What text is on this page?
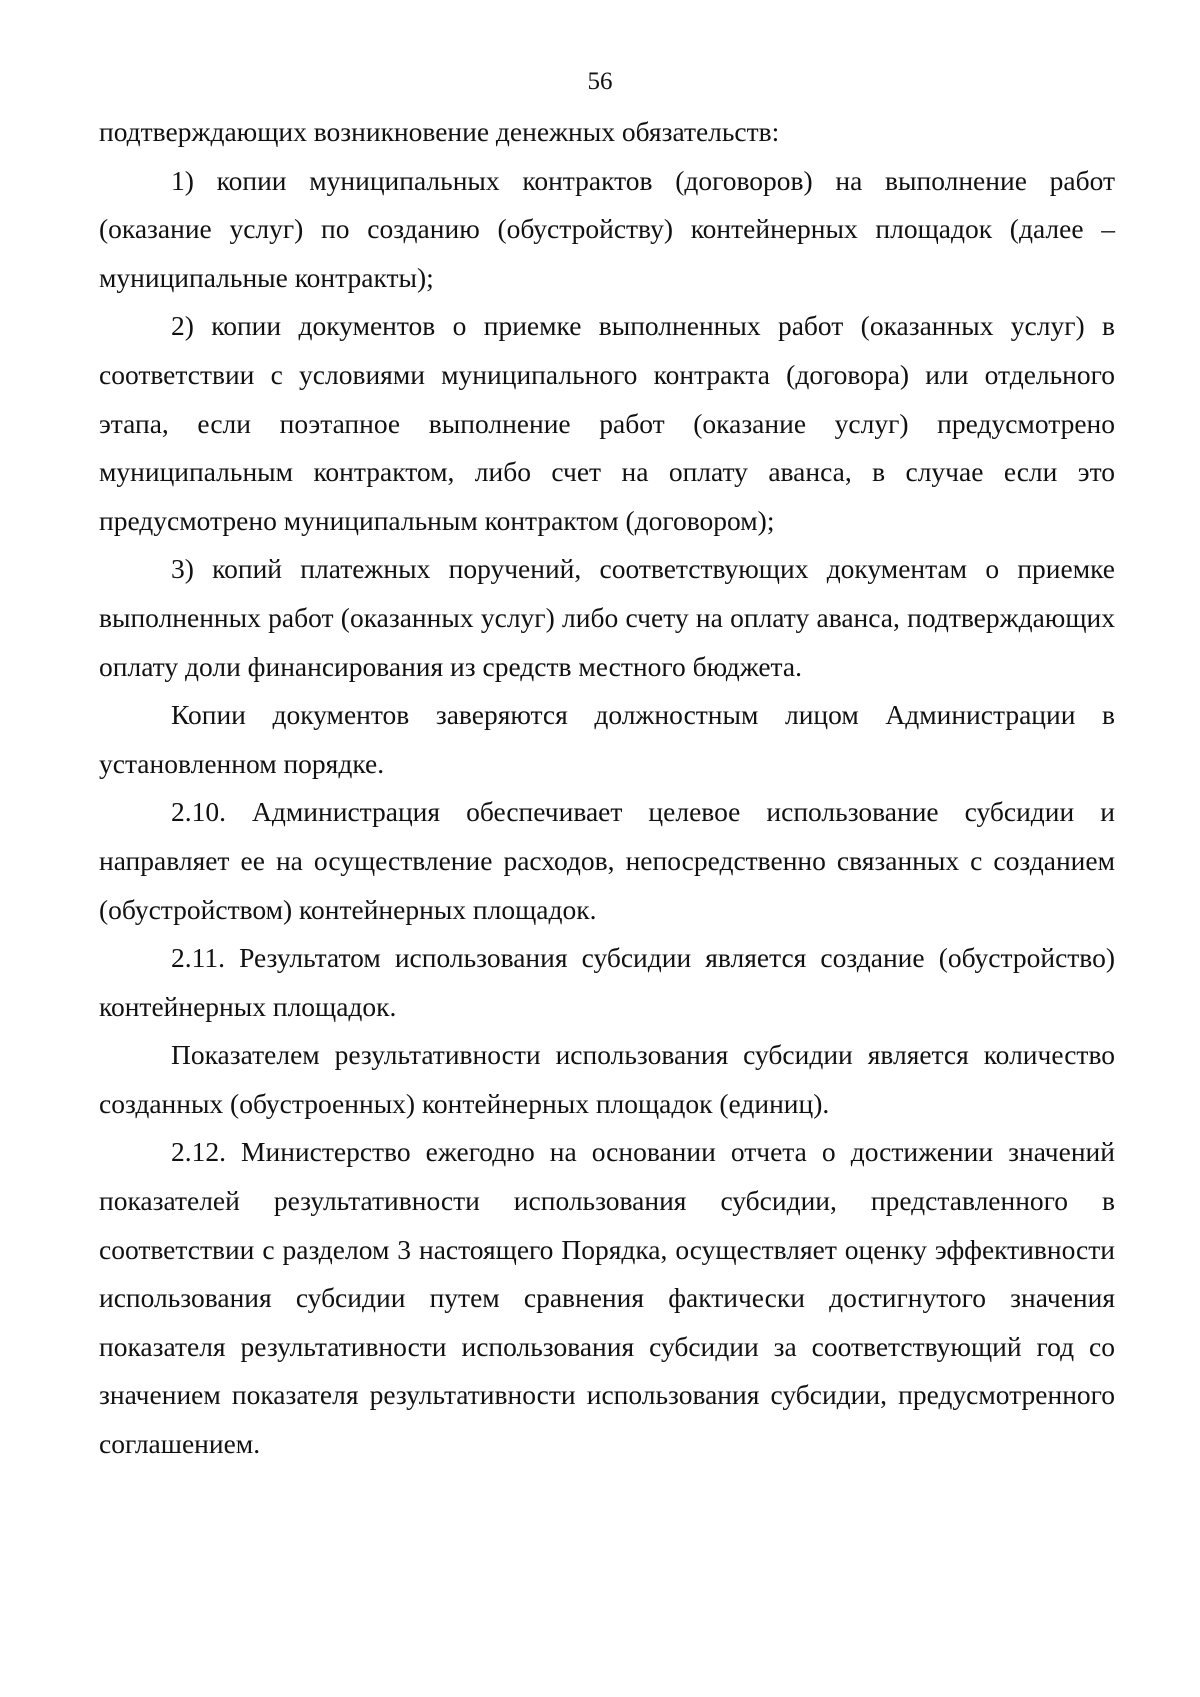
56

подтверждающих возникновение денежных обязательств:

1) копии муниципальных контрактов (договоров) на выполнение работ (оказание услуг) по созданию (обустройству) контейнерных площадок (далее – муниципальные контракты);

2) копии документов о приемке выполненных работ (оказанных услуг) в соответствии с условиями муниципального контракта (договора) или отдельного этапа, если поэтапное выполнение работ (оказание услуг) предусмотрено муниципальным контрактом, либо счет на оплату аванса, в случае если это предусмотрено муниципальным контрактом (договором);

3) копий платежных поручений, соответствующих документам о приемке выполненных работ (оказанных услуг) либо счету на оплату аванса, подтверждающих оплату доли финансирования из средств местного бюджета.

Копии документов заверяются должностным лицом Администрации в установленном порядке.

2.10. Администрация обеспечивает целевое использование субсидии и направляет ее на осуществление расходов, непосредственно связанных с созданием (обустройством) контейнерных площадок.

2.11. Результатом использования субсидии является создание (обустройство) контейнерных площадок.

Показателем результативности использования субсидии является количество созданных (обустроенных) контейнерных площадок (единиц).

2.12. Министерство ежегодно на основании отчета о достижении значений показателей результативности использования субсидии, представленного в соответствии с разделом 3 настоящего Порядка, осуществляет оценку эффективности использования субсидии путем сравнения фактически достигнутого значения показателя результативности использования субсидии за соответствующий год со значением показателя результативности использования субсидии, предусмотренного соглашением.
